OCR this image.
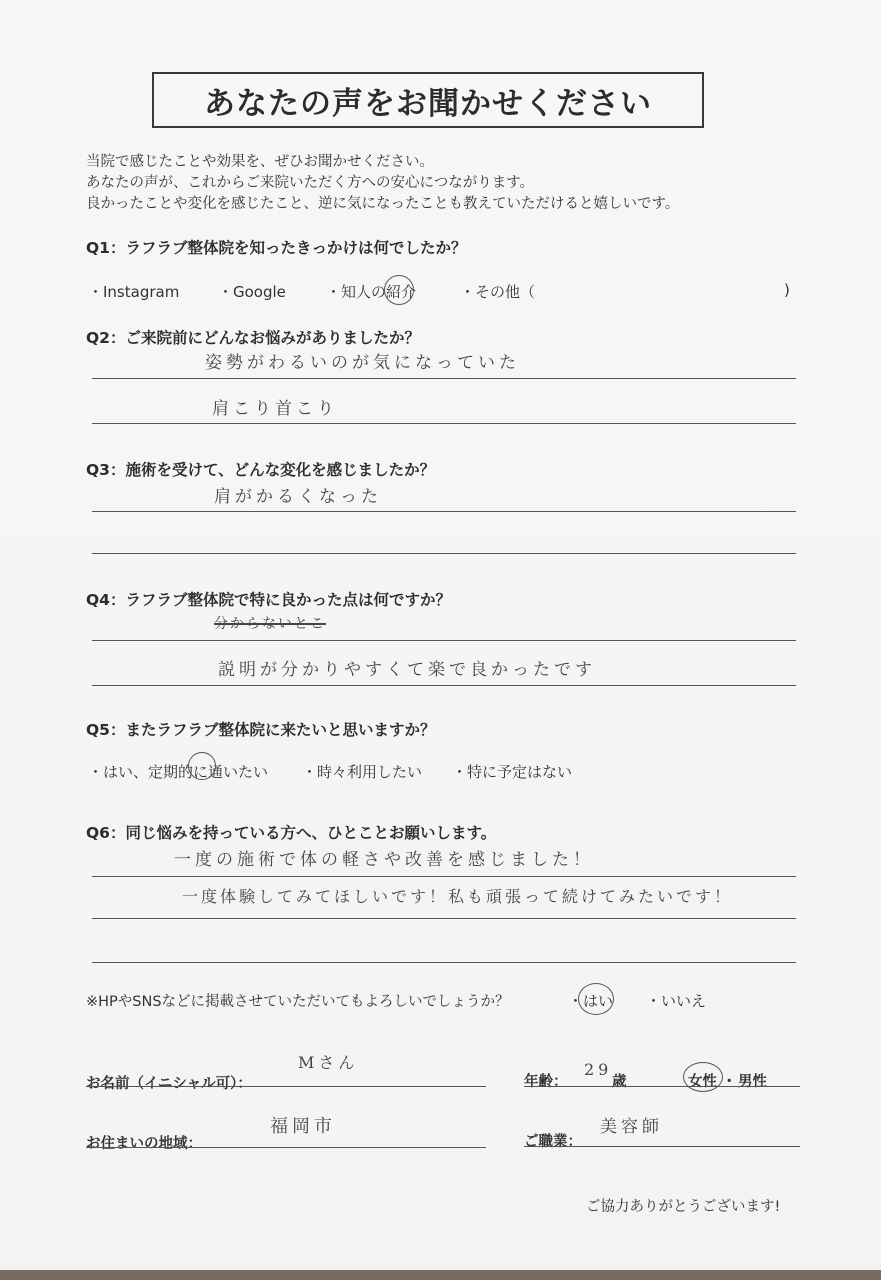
あなたの声をお聞かせください
当院で感じたことや効果を、ぜひお聞かせください。
あなたの声が、これからご来院いただく方への安心につながります。
良かったことや変化を感じたこと、逆に気になったことも教えていただけると嬉しいです。
Q1：ラフラブ整体院を知ったきっかけは何でしたか？
・Instagram	・Google	・知人の紹介	・その他（	)
Q2：ご来院前にどんなお悩みがありましたか？
姿勢がわるいのが気になっていた
肩こり首こり
Q3：施術を受けて、どんな変化を感じましたか？
肩がかるくなった
Q4：ラフラブ整体院で特に良かった点は何ですか？
分からないとこ
説明が分かりやすくて楽で良かったです
Q5：またラフラブ整体院に来たいと思いますか？
・はい、定期的に通いたい ・時々利用したい ・特に予定はない
Q6：同じ悩みを持っている方へ、ひとことお願いします。
一度の施術で体の軽さや改善を感じました！
一度体験してみてほしいです！私も頑張って続けてみたいです！
※HPやSNSなどに掲載させていただいてもよろしいでしょうか？	・はい ・いいえ
お名前（イニシャル可）：
Mさん
年齢：
29
歳	女性 ・ 男性
お住まいの地域：
福岡市
ご職業：
美容師
ご協力ありがとうございます!
